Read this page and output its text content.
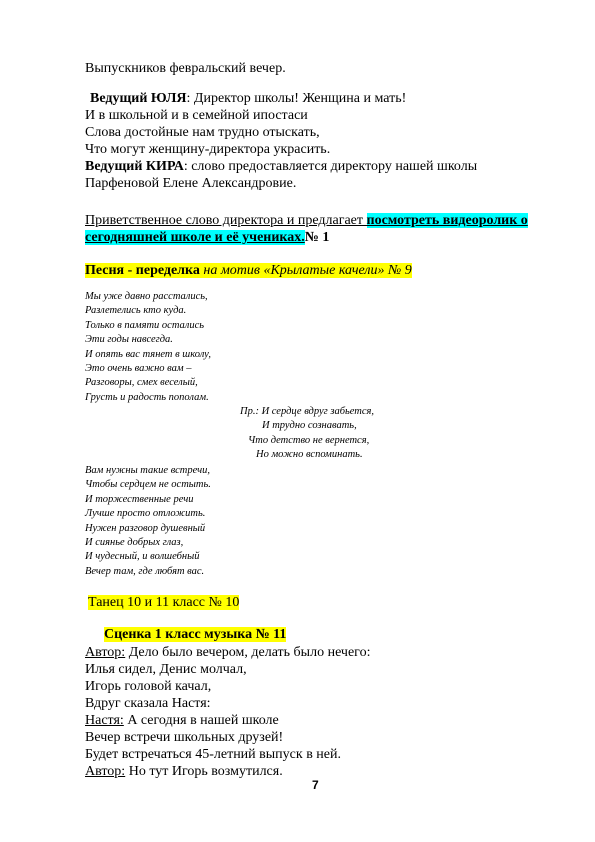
Выпускников февральский вечер.
Ведущий ЮЛЯ: Директор школы! Женщина и мать!
И в школьной и в семейной ипостаси
Слова достойные нам трудно отыскать,
Что могут женщину-директора украсить.
Ведущий КИРА: слово предоставляется директору нашей школы
Парфеновой Елене Александровие.
Приветственное слово директора и предлагает посмотреть видеоролик о
сегодняшней школе и её учениках.№ 1
Песня - переделка на мотив «Крылатые качели» № 9
Мы уже давно расстались,
Разлетелись кто куда.
Только в памяти остались
Эти годы навсегда.
И опять вас тянет в школу,
Это очень важно вам –
Разговоры, смех веселый,
Грусть и радость пополам.
Пр.: И сердце вдруг забьется,
И трудно сознавать,
Что детство не вернется,
Но можно вспоминать.
Вам нужны такие встречи,
Чтобы сердцем не остыть.
И торжественные речи
Лучше просто отложить.
Нужен разговор душевный
И сиянье добрых глаз,
И чудесный, и волшебный
Вечер там, где любят вас.
Танец 10 и 11 класс № 10
Сценка 1 класс музыка № 11
Автор: Дело было вечером, делать было нечего:
Илья сидел, Денис молчал,
Игорь головой качал,
Вдруг сказала Настя:
Настя: А сегодня в нашей школе
Вечер встречи школьных друзей!
Будет встречаться 45-летний выпуск в ней.
Автор: Но тут Игорь возмутился.
7
